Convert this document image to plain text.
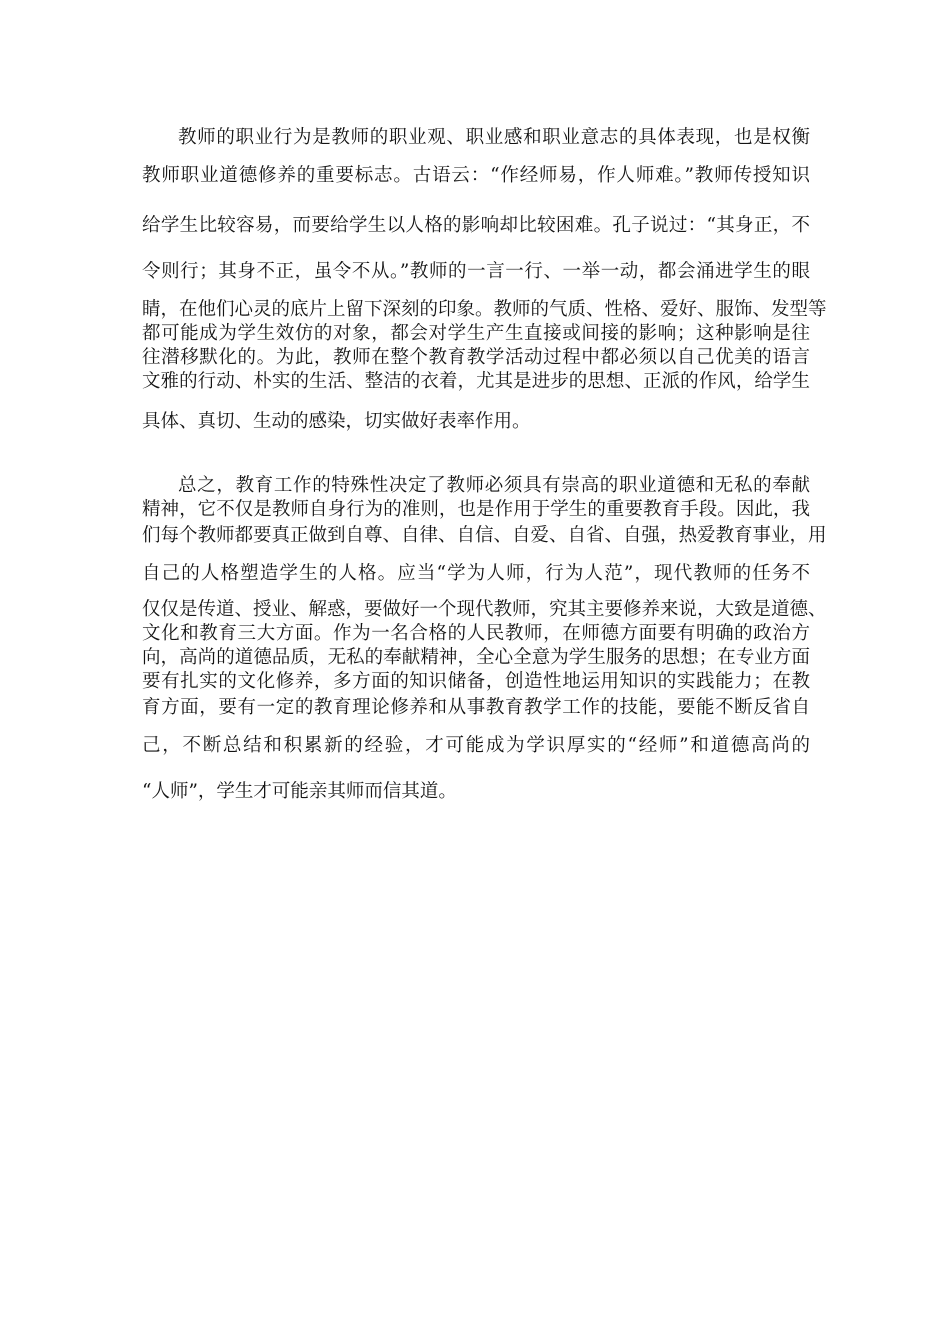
教师的职业行为是教师的职业观、职业感和职业意志的具体表现，也是权衡
教师职业道德修养的重要标志。古语云：“作经师易，作人师难。”教师传授知识
给学生比较容易，而要给学生以人格的影响却比较困难。孔子说过：“其身正，不
令则行；其身不正，虽令不从。”教师的一言一行、一举一动，都会涌进学生的眼
睛，在他们心灵的底片上留下深刻的印象。教师的气质、性格、爱好、服饰、发型等
都可能成为学生效仿的对象，都会对学生产生直接或间接的影响；这种影响是往
往潜移默化的。为此，教师在整个教育教学活动过程中都必须以自己优美的语言
文雅的行动、朴实的生活、整洁的衣着，尤其是进步的思想、正派的作风，给学生
具体、真切、生动的感染，切实做好表率作用。
总之，教育工作的特殊性决定了教师必须具有崇高的职业道德和无私的奉献
精神，它不仅是教师自身行为的准则，也是作用于学生的重要教育手段。因此，我
们每个教师都要真正做到自尊、自律、自信、自爱、自省、自强，热爱教育事业，用
自己的人格塑造学生的人格。应当“学为人师，行为人范”，现代教师的任务不
仅仅是传道、授业、解惑，要做好一个现代教师，究其主要修养来说，大致是道德、
文化和教育三大方面。作为一名合格的人民教师，在师德方面要有明确的政治方
向，高尚的道德品质，无私的奉献精神，全心全意为学生服务的思想；在专业方面
要有扎实的文化修养，多方面的知识储备，创造性地运用知识的实践能力；在教
育方面，要有一定的教育理论修养和从事教育教学工作的技能，要能不断反省自
己，不断总结和积累新的经验，才可能成为学识厚实的“经师”和道德高尚的
“人师”，学生才可能亲其师而信其道。
